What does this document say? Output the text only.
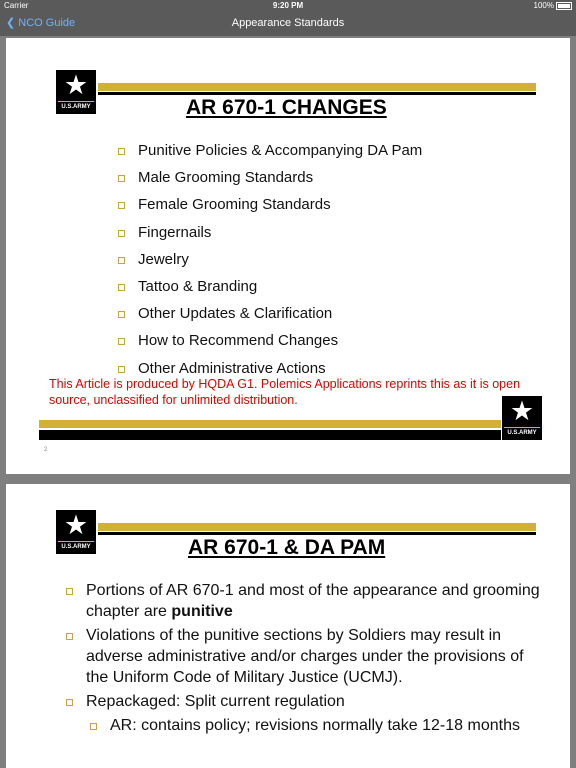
Carrier	9:20 PM	100%
❮ NCO Guide	Appearance Standards
★
U.S.ARMY	AR 670-1 CHANGES
Punitive Policies & Accompanying DA Pam
Male Grooming Standards
Female Grooming Standards
Fingernails
Jewelry
Tattoo & Branding
Other Updates & Clarification
How to Recommend Changes
Other Administrative Actions
This Article is produced by HQDA G1. Polemics Applications reprints this as it is open source, unclassified for unlimited distribution.	★
U.S.ARMY
2
★
U.S.ARMY	AR 670-1 & DA PAM
Portions of AR 670-1 and most of the appearance and grooming chapter are punitive
Violations of the punitive sections by Soldiers may result in adverse administrative and/or charges under the provisions of the Uniform Code of Military Justice (UCMJ).
Repackaged: Split current regulation
AR: contains policy; revisions normally take 12-18 months
